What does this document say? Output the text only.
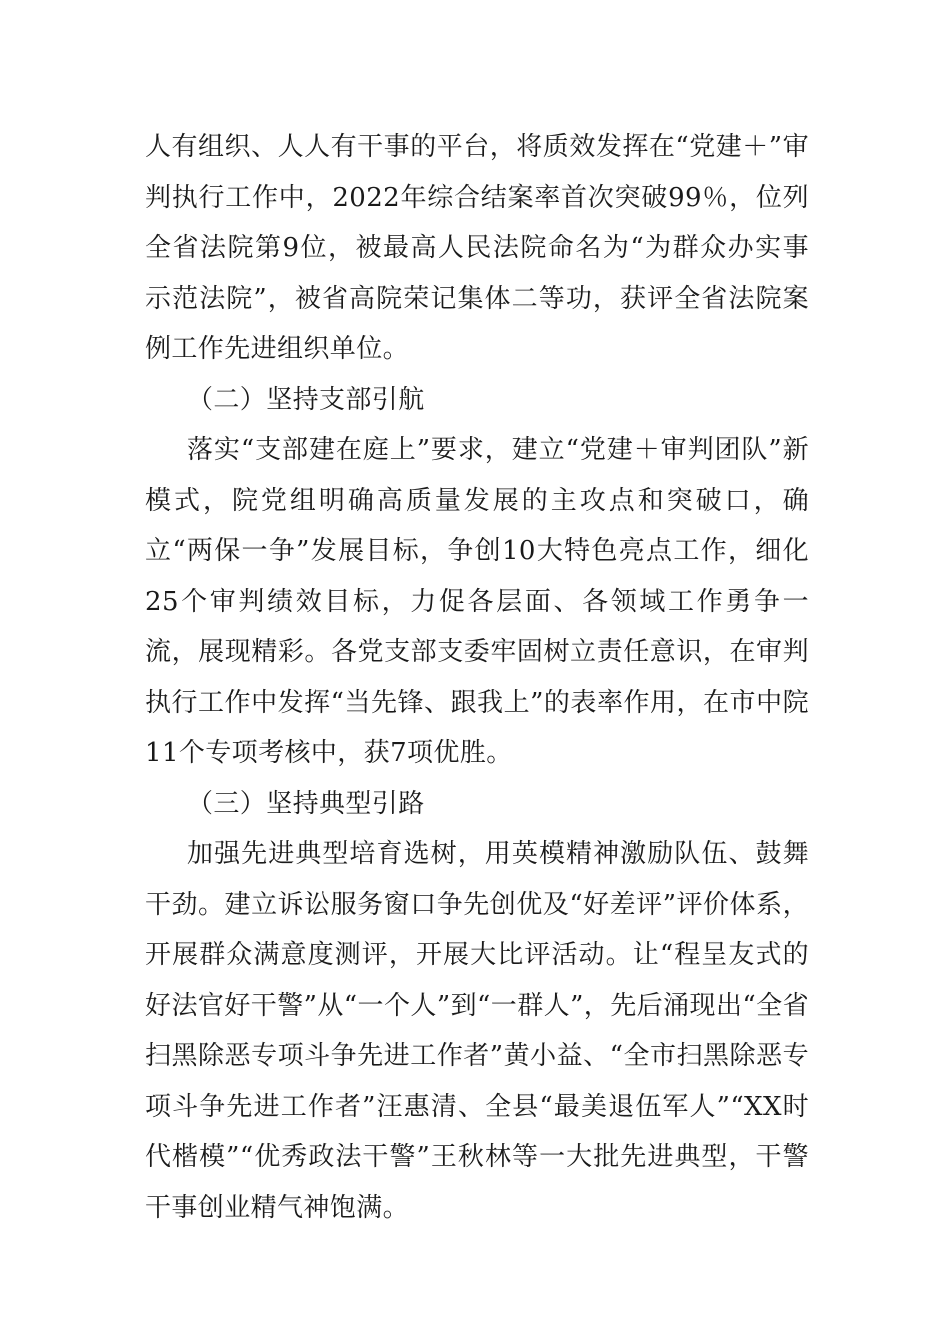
人有组织、人人有干事的平台，将质效发挥在“党建＋”审判执行工作中，2022年综合结案率首次突破99％，位列全省法院第9位，被最高人民法院命名为“为群众办实事示范法院”，被省高院荣记集体二等功，获评全省法院案例工作先进组织单位。

（二）坚持支部引航

落实“支部建在庭上”要求，建立“党建＋审判团队”新模式，院党组明确高质量发展的主攻点和突破口，确立“两保一争”发展目标，争创10大特色亮点工作，细化25个审判绩效目标，力促各层面、各领域工作勇争一流，展现精彩。各党支部支委牢固树立责任意识，在审判执行工作中发挥“当先锋、跟我上”的表率作用，在市中院11个专项考核中，获7项优胜。

（三）坚持典型引路

加强先进典型培育选树，用英模精神激励队伍、鼓舞干劲。建立诉讼服务窗口争先创优及“好差评”评价体系，开展群众满意度测评，开展大比评活动。让“程呈友式的好法官好干警”从“一个人”到“一群人”，先后涌现出“全省扫黑除恶专项斗争先进工作者”黄小益、“全市扫黑除恶专项斗争先进工作者”汪惠清、全县“最美退伍军人”“XX时代楷模”“优秀政法干警”王秋林等一大批先进典型，干警干事创业精气神饱满。
